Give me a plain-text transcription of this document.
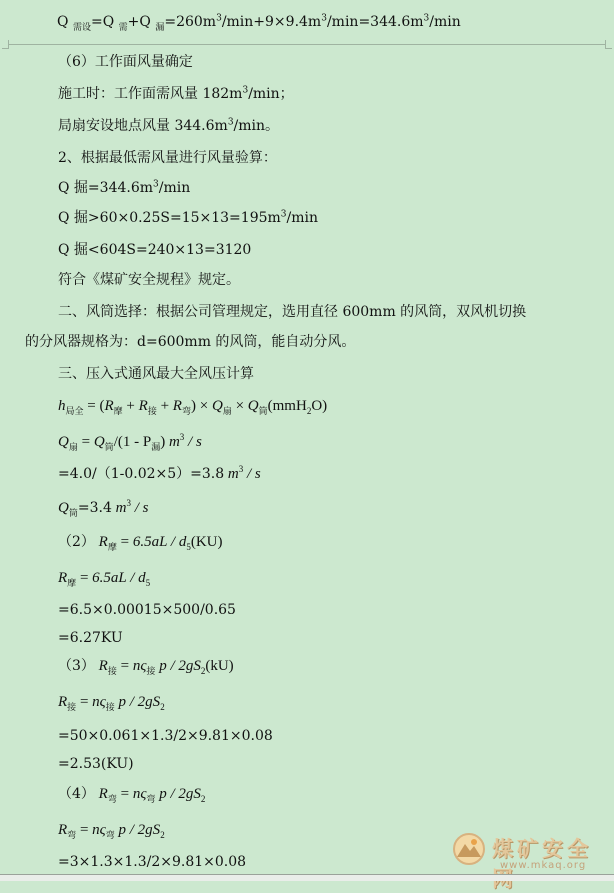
Q $_{需设}$=Q $_需$+Q $_漏=260m^3/\min+9\times 9.4m^3/\min=344.6m^3/\min$
（6）工作面风量确定
施工时：工作面需风量 $182m^3/\min$；
局扇安设地点风量 $344.6m^3/\min$。
2、根据最低需风量进行风量验算：
Q 掘$=344.6m^3/\min$
Q 掘$>60\times 0.25S=15\times 13=195m^3/\min$
Q 掘<604S=240×13=3120
符合《煤矿安全规程》规定。
二、风筒选择：根据公司管理规定，选用直径 600mm 的风筒，双风机切换
的分风器规格为：d=600mm 的风筒，能自动分风。
三、压入式通风最大全风压计算
$h_{局全} = (R_摩 + R_接 + R_弯) \times Q_扇 \times Q_筒(mmH_2O)$
$Q_扇 = Q_筒/(1 - P_漏)$ $m^3$ / s
=4.0/（1-0.02×5）=3.8 $m^3$ / s
$Q_筒=3.4$ $m^3$ / s
（2） $R_摩 = 6.5aL / d_5(KU)$
$R_摩 = 6.5aL / d_5$
=6.5×0.00015×500/0.65
=6.27KU
（3） $R_接 = n\varsigma_接$ p / $2gS_2(kU)$
$R_接 = n\varsigma_接$ p / $2gS_2$
=50×0.061×1.3/2×9.81×0.08
=2.53(KU)
（4） $R_弯 = n\varsigma_弯$ p / $2gS_2$
$R_弯 = n\varsigma_弯$ p / $2gS_2$
=3×1.3×1.3/2×9.81×0.08
煤矿安全
www.mkaq.org
